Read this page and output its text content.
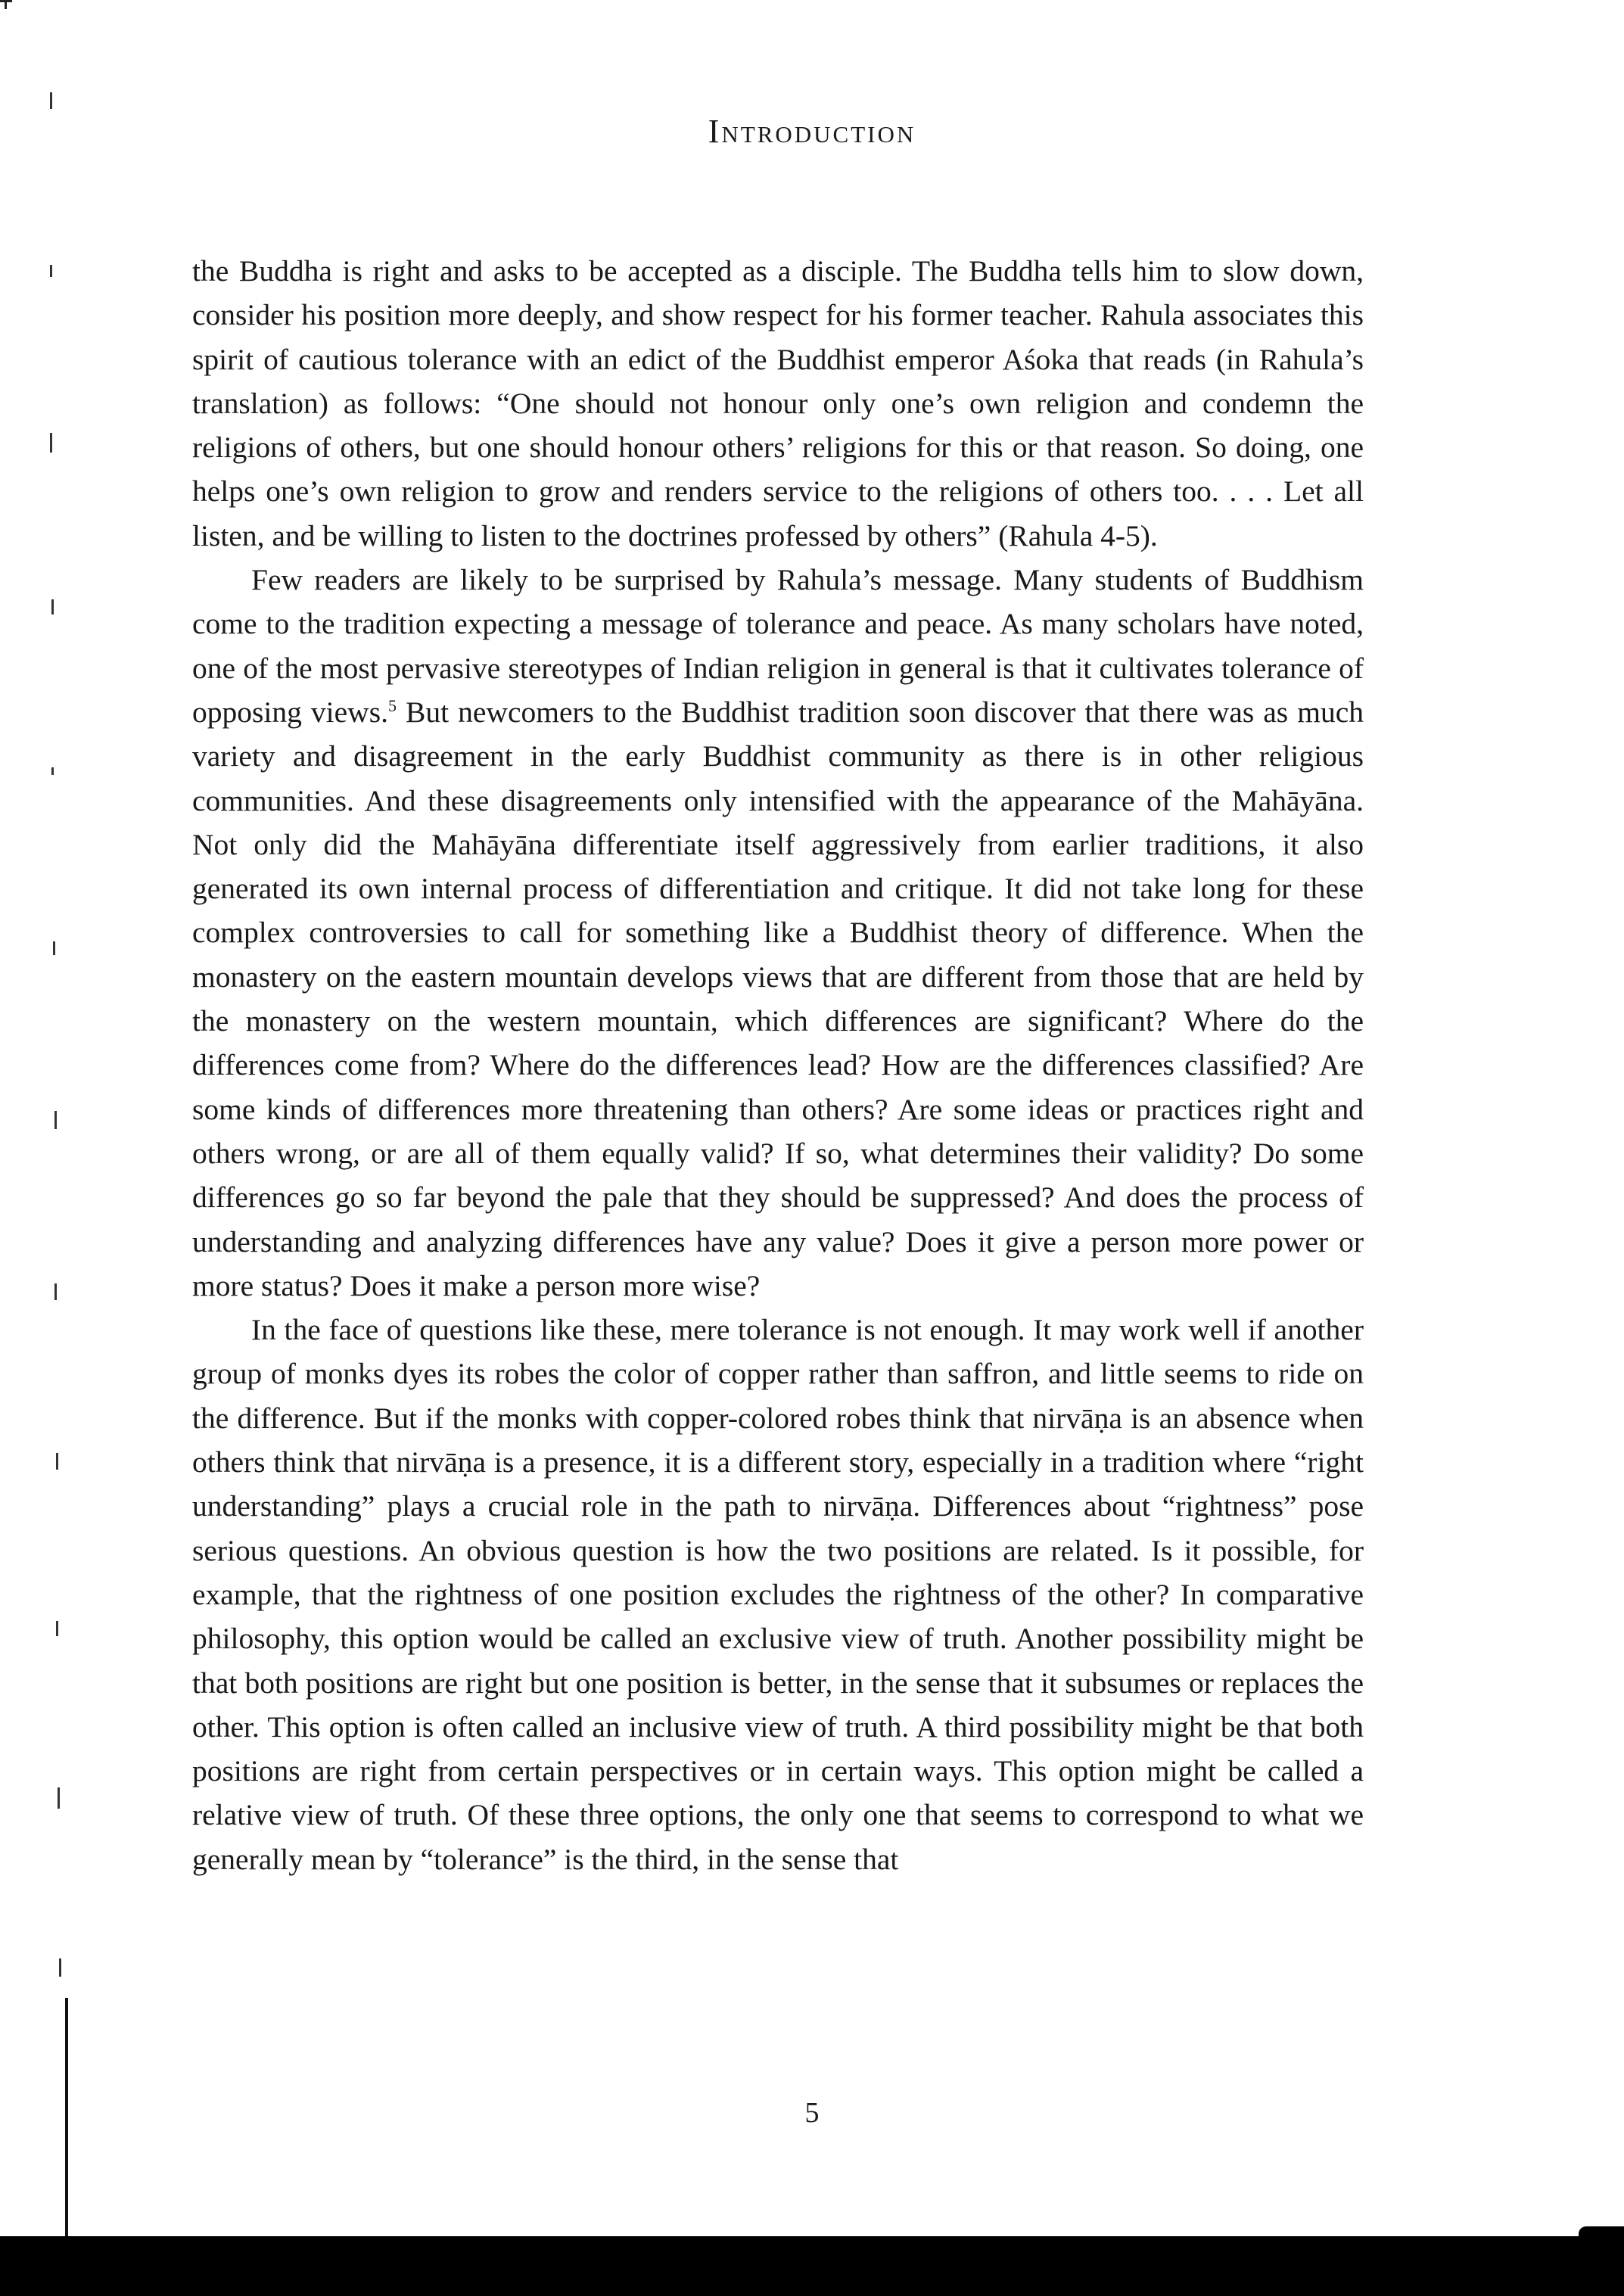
Introduction

the Buddha is right and asks to be accepted as a disciple. The Buddha tells him to slow down, consider his position more deeply, and show respect for his former teacher. Rahula associates this spirit of cautious tolerance with an edict of the Buddhist emperor Aśoka that reads (in Rahula’s translation) as follows: “One should not honour only one’s own religion and condemn the religions of others, but one should honour others’ religions for this or that reason. So doing, one helps one’s own religion to grow and renders service to the religions of others too. . . . Let all listen, and be willing to listen to the doctrines professed by others” (Rahula 4-5).

Few readers are likely to be surprised by Rahula’s message. Many students of Buddhism come to the tradition expecting a message of tolerance and peace. As many scholars have noted, one of the most pervasive stereotypes of Indian religion in general is that it cultivates tolerance of opposing views.$^5$ But newcomers to the Buddhist tradition soon discover that there was as much variety and disagreement in the early Buddhist community as there is in other religious communities. And these disagreements only intensified with the appearance of the Mahāyāna. Not only did the Mahāyāna differentiate itself aggressively from earlier traditions, it also generated its own internal process of differentiation and critique. It did not take long for these complex controversies to call for something like a Buddhist theory of difference. When the monastery on the eastern mountain develops views that are different from those that are held by the monastery on the western mountain, which differences are significant? Where do the differences come from? Where do the differences lead? How are the differences classified? Are some kinds of differences more threatening than others? Are some ideas or practices right and others wrong, or are all of them equally valid? If so, what determines their validity? Do some differences go so far beyond the pale that they should be suppressed? And does the process of understanding and analyzing differences have any value? Does it give a person more power or more status? Does it make a person more wise?

In the face of questions like these, mere tolerance is not enough. It may work well if another group of monks dyes its robes the color of copper rather than saffron, and little seems to ride on the difference. But if the monks with copper-colored robes think that nirvāṇa is an absence when others think that nirvāṇa is a presence, it is a different story, especially in a tradition where “right understanding” plays a crucial role in the path to nirvāṇa. Differences about “rightness” pose serious questions. An obvious question is how the two positions are related. Is it possible, for example, that the rightness of one position excludes the rightness of the other? In comparative philosophy, this option would be called an exclusive view of truth. Another possibility might be that both positions are right but one position is better, in the sense that it subsumes or replaces the other. This option is often called an inclusive view of truth. A third possibility might be that both positions are right from certain perspectives or in certain ways. This option might be called a relative view of truth. Of these three options, the only one that seems to correspond to what we generally mean by “tolerance” is the third, in the sense that

5
